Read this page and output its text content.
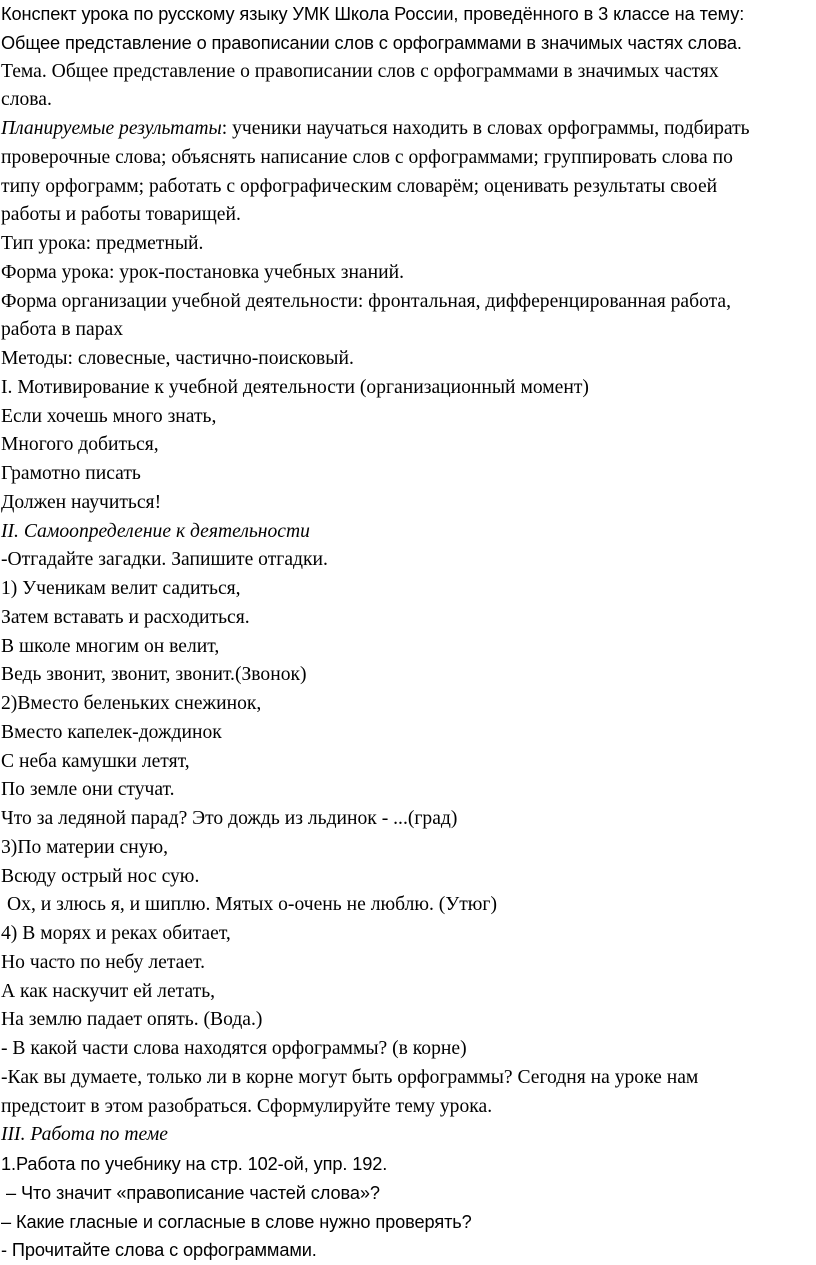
Конспект урока по русскому языку УМК Школа России, проведённого в 3 классе на тему:
Общее представление о правописании слов с орфограммами в значимых частях слова.
Тема. Общее представление о правописании слов с орфограммами в значимых частях
слова.
Планируемые результаты: ученики научаться находить в словах орфограммы, подбирать
проверочные слова; объяснять написание слов с орфограммами; группировать слова по
типу орфограмм; работать с орфографическим словарём; оценивать результаты своей
работы и работы товарищей.
Тип урока: предметный.
Форма урока: урок-постановка учебных знаний.
Форма организации учебной деятельности: фронтальная, дифференцированная работа,
работа в парах
Методы: словесные, частично-поисковый.
I. Мотивирование к учебной деятельности (организационный момент)
Если хочешь много знать,
Многого добиться,
Грамотно писать
Должен научиться!
II. Самоопределение к деятельности
-Отгадайте загадки. Запишите отгадки.
1) Ученикам велит садиться,
Затем вставать и расходиться.
В школе многим он велит,
Ведь звонит, звонит, звонит.(Звонок)
2)Вместо беленьких снежинок,
Вместо капелек-дождинок
С неба камушки летят,
По земле они стучат.
Что за ледяной парад? Это дождь из льдинок - ...(град)
3)По материи сную,
Всюду острый нос сую.
Ох, и злюсь я, и шиплю. Мятых о-очень не люблю. (Утюг)
4) В морях и реках обитает,
Но часто по небу летает.
А как наскучит ей летать,
На землю падает опять. (Вода.)
- В какой части слова находятся орфограммы? (в корне)
-Как вы думаете, только ли в корне могут быть орфограммы? Сегодня на уроке нам
предстоит в этом разобраться. Сформулируйте тему урока.
III. Работа по теме
1.Работа по учебнику на стр. 102-ой, упр. 192.
– Что значит «правописание частей слова»?
– Какие гласные и согласные в слове нужно проверять?
- Прочитайте слова с орфограммами.
